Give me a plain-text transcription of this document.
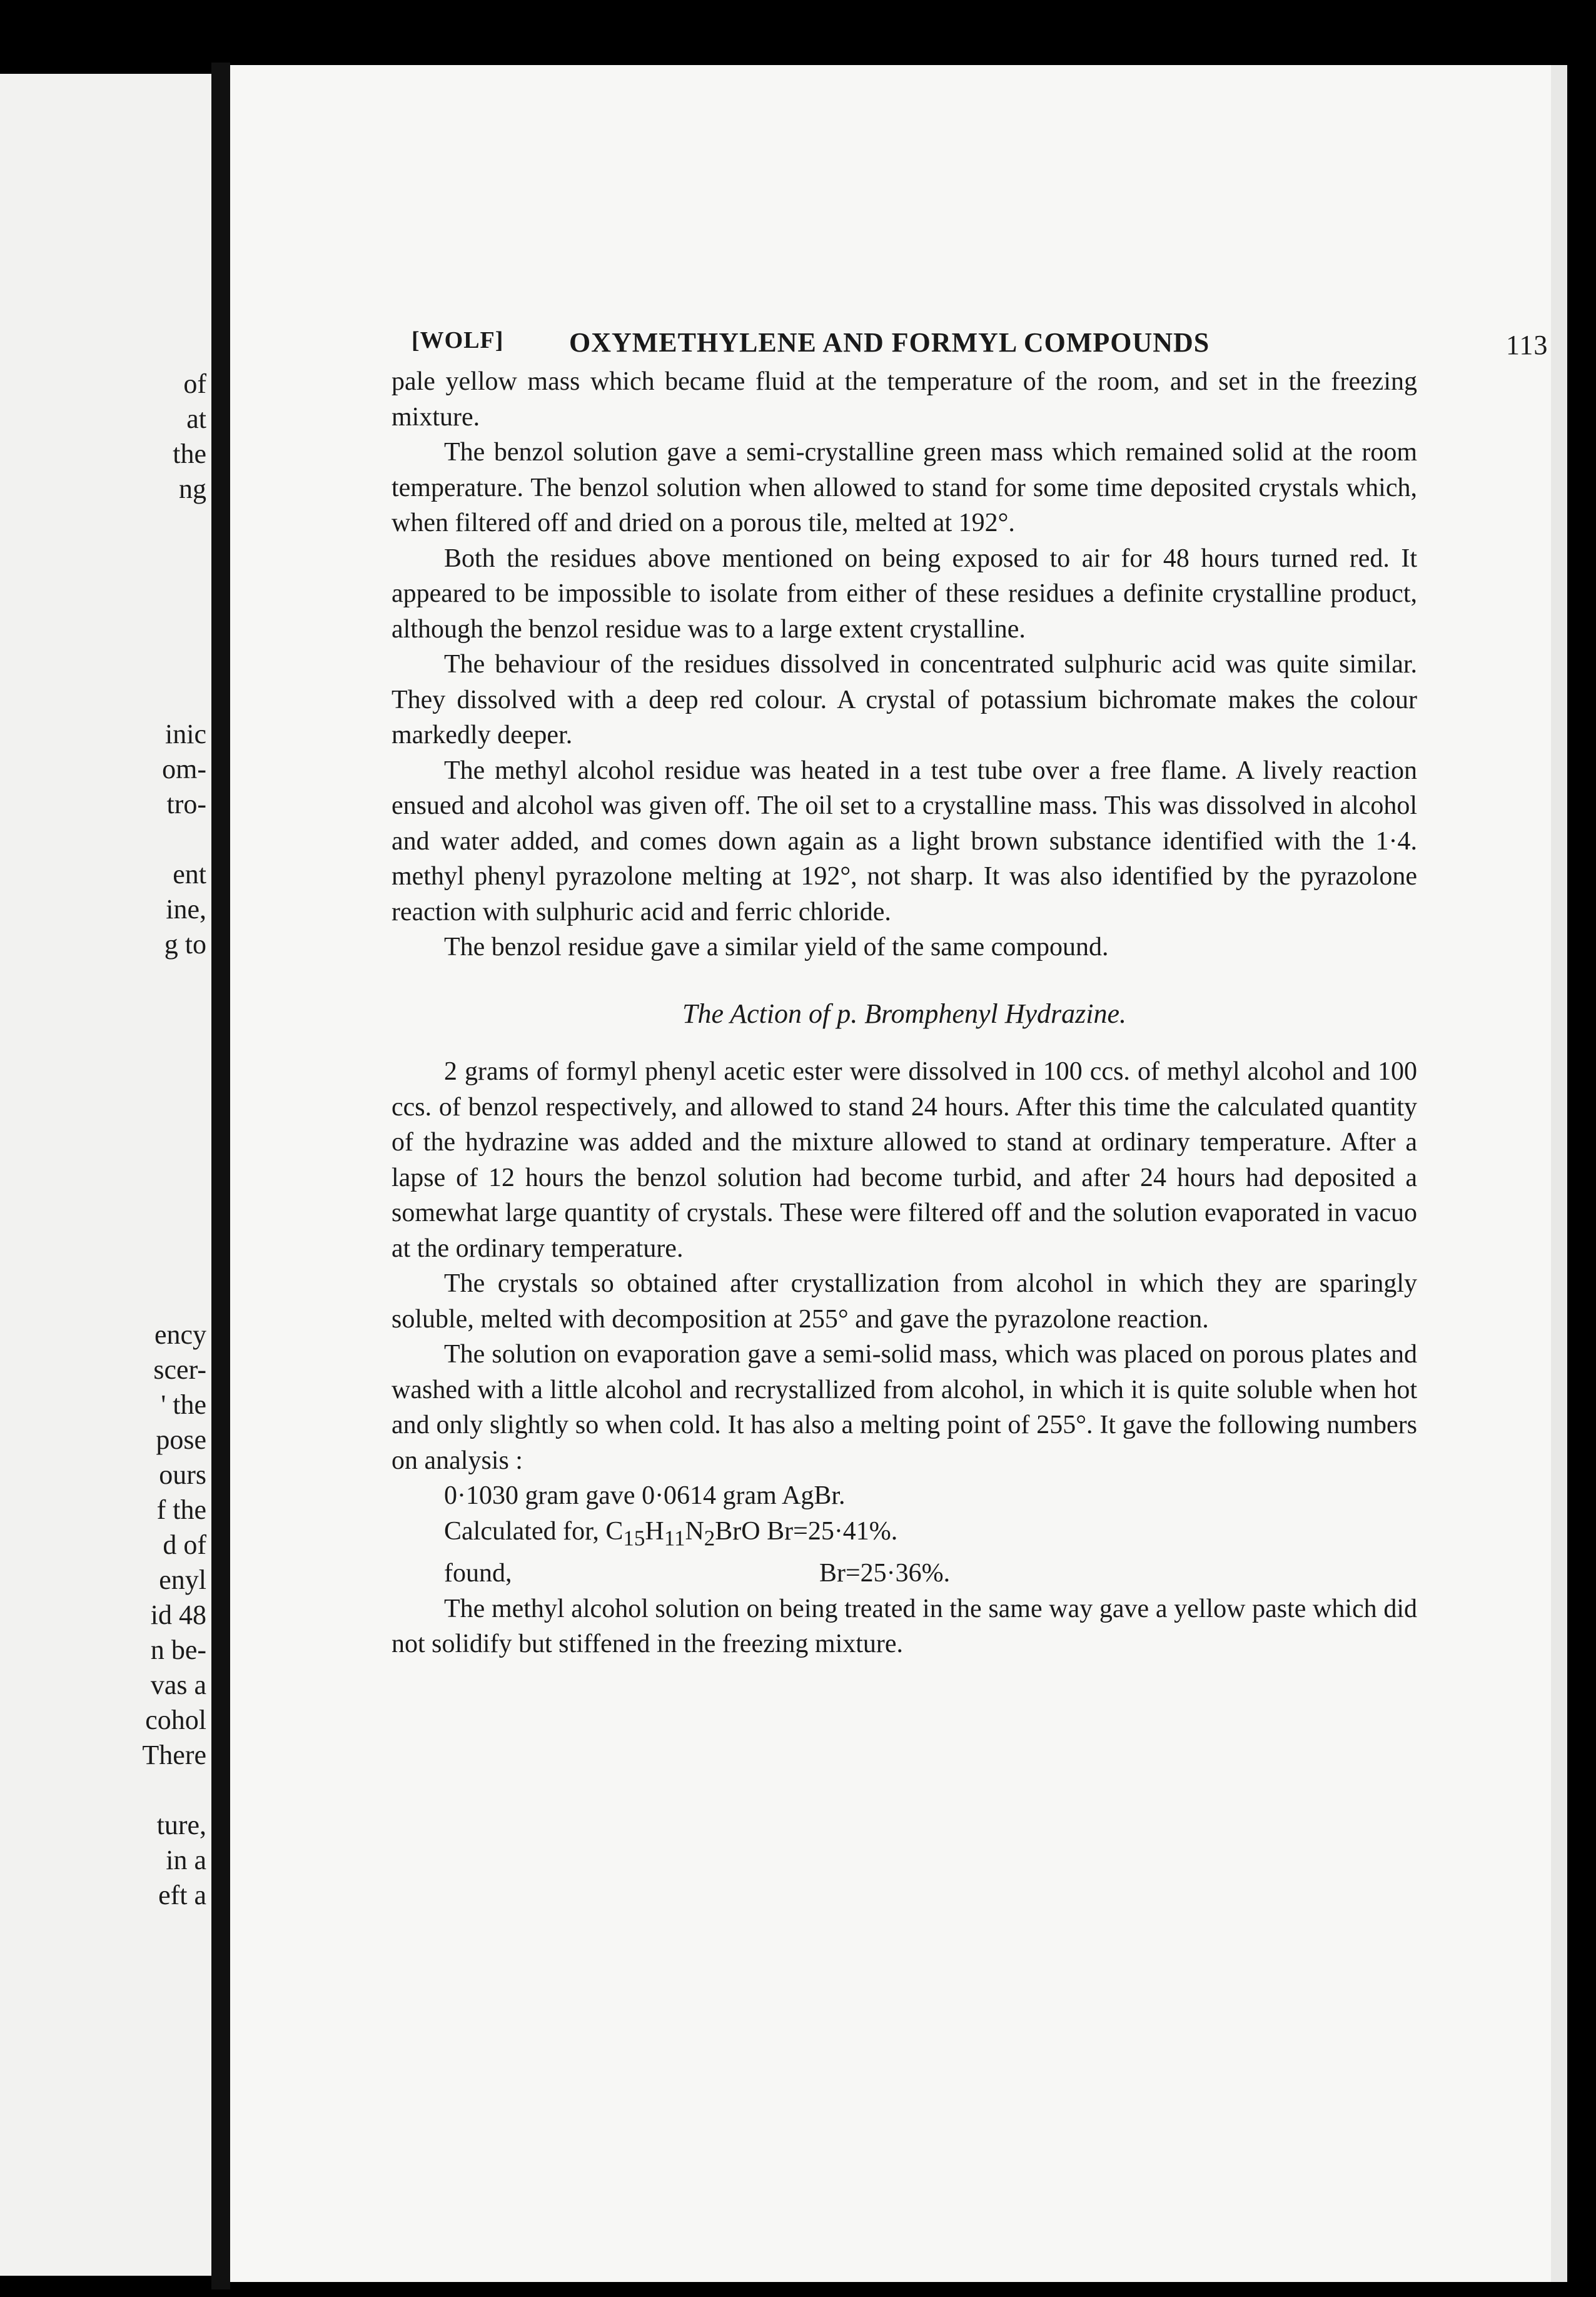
of
at
the
ng
inic
om-
tro-
ent
ine,
g to
ency
scer-
' the
pose
ours
f the
d of
enyl
id 48
n be-
vas a
cohol
There
ture,
in a
eft a
[WOLF] OXYMETHYLENE AND FORMYL COMPOUNDS	113

pale yellow mass which became fluid at the temperature of the room, and set in the freezing mixture.

The benzol solution gave a semi-crystalline green mass which remained solid at the room temperature. The benzol solution when allowed to stand for some time deposited crystals which, when filtered off and dried on a porous tile, melted at 192°.

Both the residues above mentioned on being exposed to air for 48 hours turned red. It appeared to be impossible to isolate from either of these residues a definite crystalline product, although the benzol residue was to a large extent crystalline.

The behaviour of the residues dissolved in concentrated sulphuric acid was quite similar. They dissolved with a deep red colour. A crystal of potassium bichromate makes the colour markedly deeper.

The methyl alcohol residue was heated in a test tube over a free flame. A lively reaction ensued and alcohol was given off. The oil set to a crystalline mass. This was dissolved in alcohol and water added, and comes down again as a light brown substance identified with the 1·4. methyl phenyl pyrazolone melting at 192°, not sharp. It was also identified by the pyrazolone reaction with sulphuric acid and ferric chloride.

The benzol residue gave a similar yield of the same compound.

The Action of p. Bromphenyl Hydrazine.

2 grams of formyl phenyl acetic ester were dissolved in 100 ccs. of methyl alcohol and 100 ccs. of benzol respectively, and allowed to stand 24 hours. After this time the calculated quantity of the hydrazine was added and the mixture allowed to stand at ordinary temperature. After a lapse of 12 hours the benzol solution had become turbid, and after 24 hours had deposited a somewhat large quantity of crystals. These were filtered off and the solution evaporated in vacuo at the ordinary temperature.

The crystals so obtained after crystallization from alcohol in which they are sparingly soluble, melted with decomposition at 255° and gave the pyrazolone reaction.

The solution on evaporation gave a semi-solid mass, which was placed on porous plates and washed with a little alcohol and recrystallized from alcohol, in which it is quite soluble when hot and only slightly so when cold. It has also a melting point of 255°. It gave the following numbers on analysis :

0·1030 gram gave 0·0614 gram AgBr.

Calculated for, $C_{15}H_{11}N_2BrO$ Br=25·41%.

found,	Br=25·36%.

The methyl alcohol solution on being treated in the same way gave a yellow paste which did not solidify but stiffened in the freezing mixture.
